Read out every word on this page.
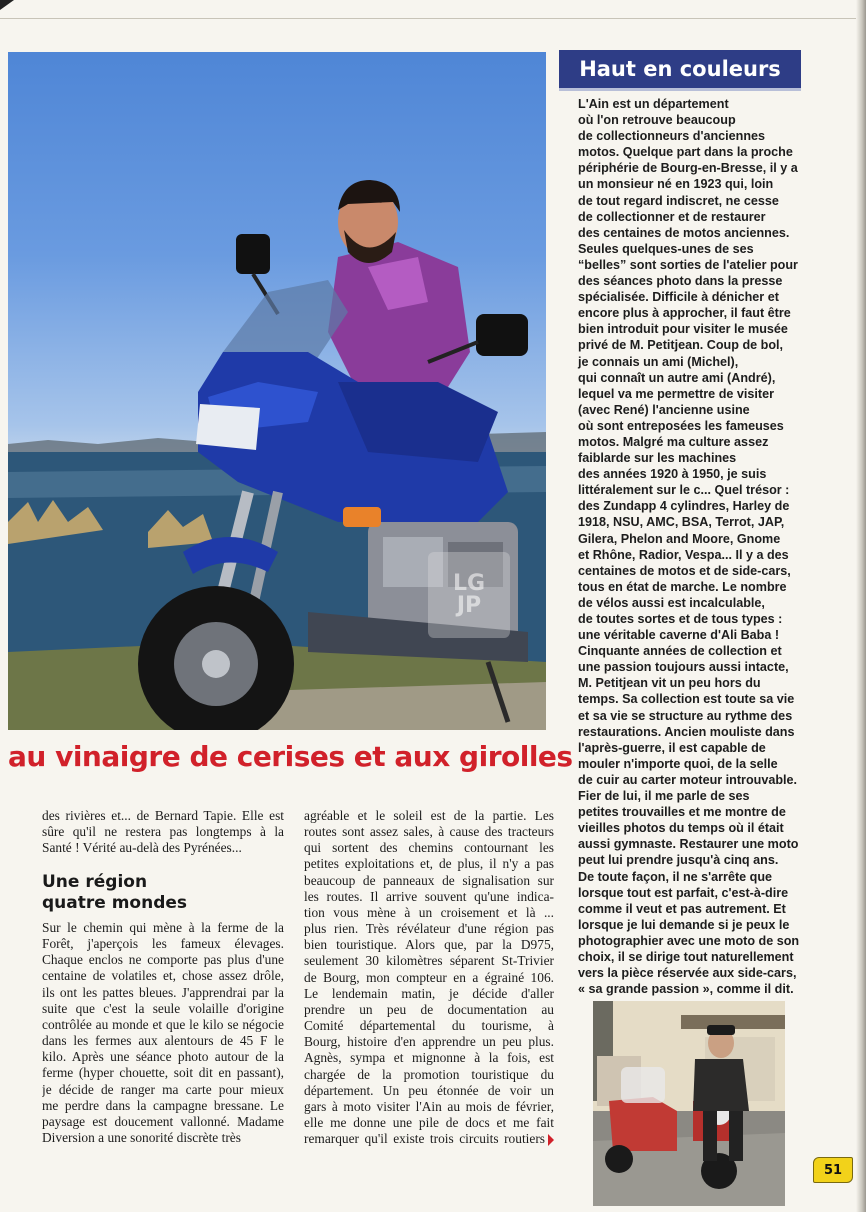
LG
JP
Haut en couleurs
L'Ain est un département
où l'on retrouve beaucoup
de collectionneurs d'anciennes
motos. Quelque part dans la proche
périphérie de Bourg-en-Bresse, il y a
un monsieur né en 1923 qui, loin
de tout regard indiscret, ne cesse
de collectionner et de restaurer
des centaines de motos anciennes.
Seules quelques-unes de ses
“belles” sont sorties de l'atelier pour
des séances photo dans la presse
spécialisée. Difficile à dénicher et
encore plus à approcher, il faut être
bien introduit pour visiter le musée
privé de M. Petitjean. Coup de bol,
je connais un ami (Michel),
qui connaît un autre ami (André),
lequel va me permettre de visiter
(avec René) l'ancienne usine
où sont entreposées les fameuses
motos. Malgré ma culture assez
faiblarde sur les machines
des années 1920 à 1950, je suis
littéralement sur le c... Quel trésor :
des Zundapp 4 cylindres, Harley de
1918, NSU, AMC, BSA, Terrot, JAP,
Gilera, Phelon and Moore, Gnome
et Rhône, Radior, Vespa... Il y a des
centaines de motos et de side-cars,
tous en état de marche. Le nombre
de vélos aussi est incalculable,
de toutes sortes et de tous types :
une véritable caverne d'Ali Baba !
Cinquante années de collection et
une passion toujours aussi intacte,
M. Petitjean vit un peu hors du
temps. Sa collection est toute sa vie
et sa vie se structure au rythme des
restaurations. Ancien mouliste dans
l'après-guerre, il est capable de
mouler n'importe quoi, de la selle
de cuir au carter moteur introuvable.
Fier de lui, il me parle de ses
petites trouvailles et me montre de
vieilles photos du temps où il était
aussi gymnaste. Restaurer une moto
peut lui prendre jusqu'à cinq ans.
De toute façon, il ne s'arrête que
lorsque tout est parfait, c'est-à-dire
comme il veut et pas autrement. Et
lorsque je lui demande si je peux le
photographier avec une moto de son
choix, il se dirige tout naturellement
vers la pièce réservée aux side-cars,
« sa grande passion », comme il dit.
au vinaigre de cerises et aux girolles
des rivières et... de Bernard Tapie. Elle est
sûre qu'il ne restera pas longtemps à la
Santé ! Vérité au-delà des Pyrénées...
Une région
quatre mondes
Sur le chemin qui mène à la ferme de la
Forêt, j'aperçois les fameux élevages.
Chaque enclos ne comporte pas plus d'une
centaine de volatiles et, chose assez drôle,
ils ont les pattes bleues. J'apprendrai par la
suite que c'est la seule volaille d'origine
contrôlée au monde et que le kilo se négocie
dans les fermes aux alentours de 45 F le
kilo. Après une séance photo autour de la
ferme (hyper chouette, soit dit en passant),
je décide de ranger ma carte pour mieux
me perdre dans la campagne bressane. Le
paysage est doucement vallonné. Madame
Diversion a une sonorité discrète très
agréable et le soleil est de la partie. Les
routes sont assez sales, à cause des tracteurs
qui sortent des chemins contournant les
petites exploitations et, de plus, il n'y a pas
beaucoup de panneaux de signalisation sur
les routes. Il arrive souvent qu'une indica-
tion vous mène à un croisement et là ...
plus rien. Très révélateur d'une région pas
bien touristique. Alors que, par la D975,
seulement 30 kilomètres séparent St-Trivier
de Bourg, mon compteur en a égrainé 106.
Le lendemain matin, je décide d'aller
prendre un peu de documentation au
Comité départemental du tourisme, à
Bourg, histoire d'en apprendre un peu plus.
Agnès, sympa et mignonne à la fois, est
chargée de la promotion touristique du
département. Un peu étonnée de voir un
gars à moto visiter l'Ain au mois de février,
elle me donne une pile de docs et me fait
remarquer qu'il existe trois circuits routiers
51
